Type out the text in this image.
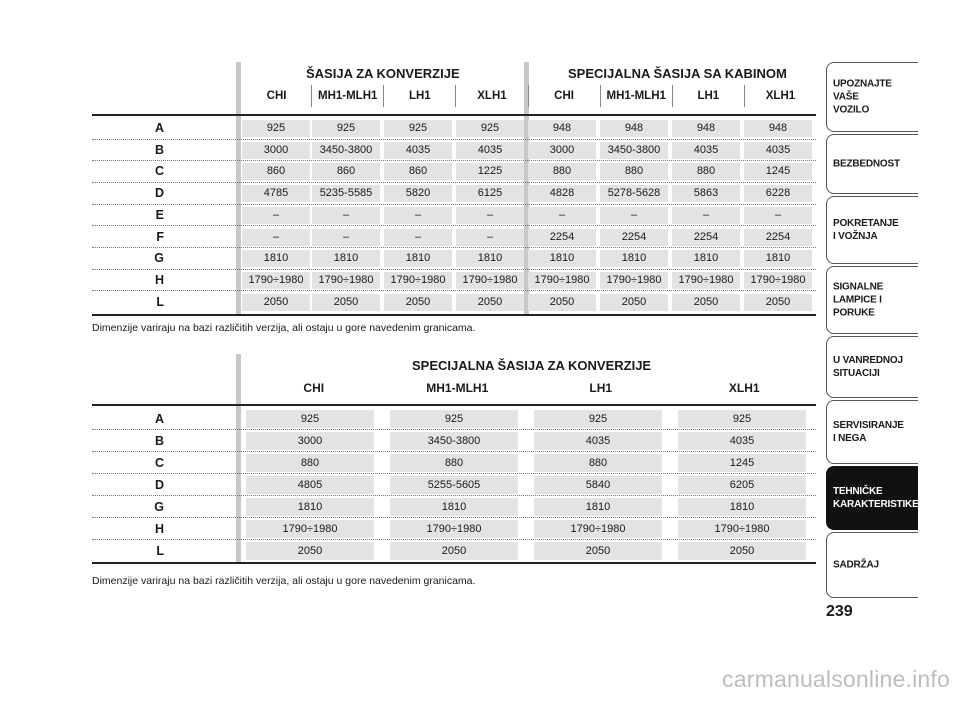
ŠASIJA ZA KONVERZIJE	SPECIJALNA ŠASIJA SA KABINOM
CHI	MH1-MLH1	LH1	XLH1	CHI	MH1-MLH1	LH1	XLH1
A	925	925	925	925	948	948	948	948
B	3000	3450-3800	4035	4035	3000	3450-3800	4035	4035
C	860	860	860	1225	880	880	880	1245
D	4785	5235-5585	5820	6125	4828	5278-5628	5863	6228
E	–	–	–	–	–	–	–	–
F	–	–	–	–	2254	2254	2254	2254
G	1810	1810	1810	1810	1810	1810	1810	1810
H	1790÷1980	1790÷1980	1790÷1980	1790÷1980	1790÷1980	1790÷1980	1790÷1980	1790÷1980
L	2050	2050	2050	2050	2050	2050	2050	2050
Dimenzije variraju na bazi različitih verzija, ali ostaju u gore navedenim granicama.
SPECIJALNA ŠASIJA ZA KONVERZIJE
CHI	MH1-MLH1	LH1	XLH1
A	925	925	925	925
B	3000	3450-3800	4035	4035
C	880	880	880	1245
D	4805	5255-5605	5840	6205
G	1810	1810	1810	1810
H	1790÷1980	1790÷1980	1790÷1980	1790÷1980
L	2050	2050	2050	2050
Dimenzije variraju na bazi različitih verzija, ali ostaju u gore navedenim granicama.
UPOZNAJTE
VAŠE
VOZILO
BEZBEDNOST
POKRETANJE
I VOŽNJA
SIGNALNE
LAMPICE I PORUKE
U VANREDNOJ
SITUACIJI
SERVISIRANJE
I NEGA
TEHNIČKE
KARAKTERISTIKE
SADRŽAJ
239
carmanualsonline.info
